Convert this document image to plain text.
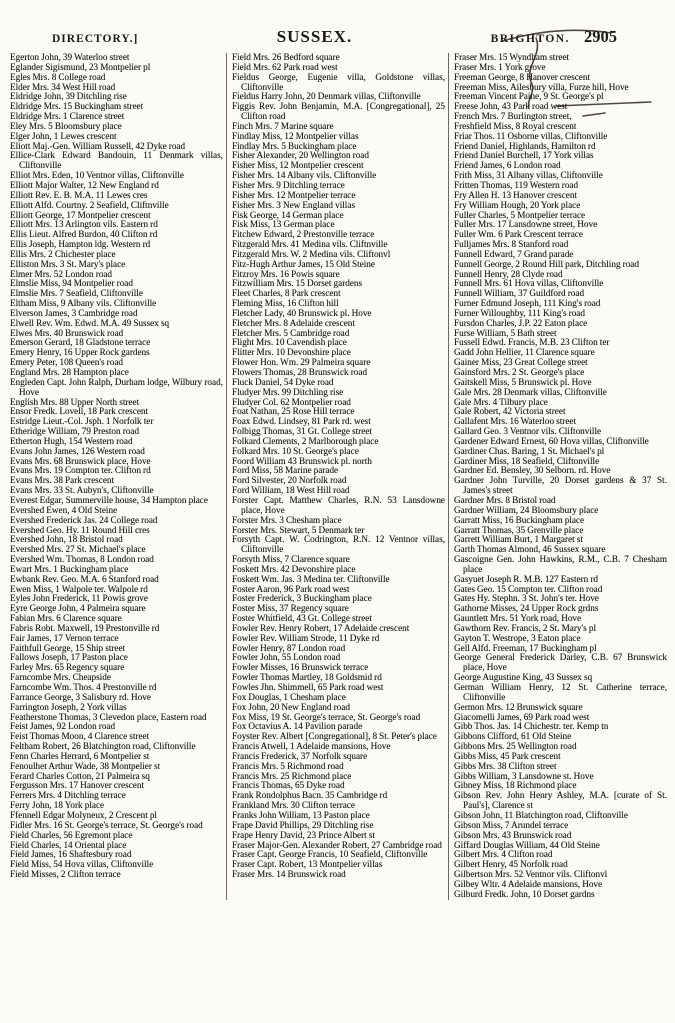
DIRECTORY.]	SUSSEX.	BRIGHTON. 2905

Egerton John, 39 Waterloo street

Eglander Sigismund, 23 Montpelier pl

Egles Mrs. 8 College road

Elder Mrs. 34 West Hill road

Eldridge John, 39 Ditchling rise

Eldridge Mrs. 15 Buckingham street

Eldridge Mrs. 1 Clarence street

Eley Mrs. 5 Bloomsbury place

Elger John, 1 Lewes crescent

Eliott Maj.-Gen. William Russell, 42 Dyke road

Ellice-Clark Edward Bandouin, 11 Denmark villas, Cliftonville

Elliot Mrs. Eden, 10 Ventnor villas, Cliftonville

Elliott Major Walter, 12 New England rd

Elliott Rev. E. B. M.A. 11 Lewes cres

Elliott Alfd. Courtny. 2 Seafield, Cliftnville

Elliott George, 17 Montpelier crescent

Elliott Mrs. 13 Arlington vils. Eastern rd

Ellis Lieut. Alfred Burdon, 40 Clifton rd

Ellis Joseph, Hampton ldg. Western rd

Ellis Mrs. 2 Chichester place

Elliston Mrs. 3 St. Mary's place

Elmer Mrs. 52 London road

Elmslie Miss, 94 Montpelier road

Elmslie Mrs. 7 Seafield, Cliftonville

Eltham Miss, 9 Albany vils. Cliftonville

Elverson James, 3 Cambridge road

Elwell Rev. Wm. Edwd. M.A. 49 Sussex sq

Elwes Mrs. 40 Brunswick road

Emerson Gerard, 18 Gladstone terrace

Emery Henry, 16 Upper Rock gardens

Emery Peter, 108 Queen's road

England Mrs. 28 Hampton place

Engleden Capt. John Ralph, Durham lodge, Wilbury road, Hove

English Mrs. 88 Upper North street

Ensor Fredk. Lovell, 18 Park crescent

Estridge Lieut.-Col. Jsph. 1 Norfolk ter

Etheridge William, 79 Preston road

Etherton Hugh, 154 Western road

Evans John James, 126 Western road

Evans Mrs. 68 Brunswick place, Hove

Evans Mrs. 19 Compton ter. Clifton rd

Evans Mrs. 38 Park crescent

Evans Mrs. 33 St. Aubyn's, Cliftonville

Everest Edgar, Summerville house, 34 Hampton place

Evershed Ewen, 4 Old Steine

Evershed Frederick Jas. 24 College road

Evershed Geo. Hy. 11 Round Hill cres

Evershed John, 18 Bristol road

Evershed Mrs. 27 St. Michael's place

Evershed Wm. Thomas, 8 London road

Ewart Mrs. 1 Buckingham place

Ewbank Rev. Geo. M.A. 6 Stanford road

Ewen Miss, 1 Walpole ter. Walpole rd

Eyles John Frederick, 11 Powis grove

Eyre George John, 4 Palmeira square

Fabian Mrs. 6 Clarence square

Fabris Robt. Maxwell, 19 Prestonville rd

Fair James, 17 Vernon terrace

Faithfull George, 15 Ship street

Fallows Joseph, 17 Paston place

Farley Mrs. 65 Regency square

Farncombe Mrs. Cheapside

Farncombe Wm. Thos. 4 Prestonville rd

Farrance George, 3 Salisbury rd. Hove

Farrington Joseph, 2 York villas

Featherstone Thomas, 3 Clevedon place, Eastern road

Feist James, 92 London road

Feist Thomas Moon, 4 Clarence street

Feltham Robert, 26 Blatchington road, Cliftonville

Fenn Charles Herrard, 6 Montpelier st

Fenoulhet Arthur Wade, 38 Montpelier st

Ferard Charles Cotton, 21 Palmeira sq

Fergusson Mrs. 17 Hanover crescent

Ferrers Mrs. 4 Ditchling terrace

Ferry John, 18 York place

Ffennell Edgar Molyneux, 2 Crescent pl

Fidler Mrs. 16 St. George's terrace, St. George's road

Field Charles, 56 Egremont place

Field Charles, 14 Oriental place

Field James, 16 Shaftesbury road

Field Miss, 54 Hova villas, Cliftonville

Field Misses, 2 Clifton terrace

Field Mrs. 26 Bedford square

Field Mrs. 62 Park road west

Fieldus George, Eugenie villa, Goldstone villas, Cliftonville

Fieldus Harry John, 20 Denmark villas, Cliftonville

Figgis Rev. John Benjamin, M.A. [Congregational], 25 Clifton road

Finch Mrs. 7 Marine square

Findlay Miss, 12 Montpelier villas

Findlay Mrs. 5 Buckingham place

Fisher Alexander, 20 Wellington road

Fisher Miss, 12 Montpelier crescent

Fisher Mrs. 14 Albany vils. Cliftonville

Fisher Mrs. 9 Ditchling terrace

Fisher Mrs. 12 Montpelier terrace

Fisher Mrs. 3 New England villas

Fisk George, 14 German place

Fisk Miss, 13 German place

Fitchew Edward, 2 Prestonville terrace

Fitzgerald Mrs. 41 Medina vils. Cliftnville

Fitzgerald Mrs. W. 2 Medina vils. Cliftonvl

Fitz-Hugh Arthur James, 15 Old Steine

Fitzroy Mrs. 16 Powis square

Fitzwilliam Mrs. 15 Dorset gardens

Fleet Charles, 8 Park crescent

Fleming Miss, 16 Clifton hill

Fletcher Lady, 40 Brunswick pl. Hove

Fletcher Mrs. 8 Adelaide crescent

Fletcher Mrs. 5 Cambridge road

Flight Mrs. 10 Cavendish place

Flitter Mrs. 10 Devonshire place

Flower Hon. Wm. 29 Palmeira square

Flowers Thomas, 28 Brunswick road

Fluck Daniel, 54 Dyke road

Fludyer Mrs. 99 Ditchling rise

Fludyer Col. 62 Montpelier road

Foat Nathan, 25 Rose Hill terrace

Foax Edwd. Lindsey, 81 Park rd. west

Folbigg Thomas, 31 Gt. College street

Folkard Clements, 2 Marlborough place

Folkard Mrs. 10 St. George's place

Foord William 43 Brunswick pl. north

Ford Miss, 58 Marine parade

Ford Silvester, 20 Norfolk road

Ford William, 18 West Hill road

Forster Capt. Matthew Charles, R.N. 53 Lansdowne place, Hove

Forster Mrs. 3 Chesham place

Forster Mrs. Stewart, 5 Denmark ter

Forsyth Capt. W. Codrington, R.N. 12 Ventnor villas, Cliftonville

Forsyth Miss, 7 Clarence square

Foskett Mrs. 42 Devonshire place

Foskett Wm. Jas. 3 Medina ter. Cliftonville

Foster Aaron, 96 Park road west

Foster Frederick, 3 Buckingham place

Foster Miss, 37 Regency square

Foster Whitfield, 43 Gt. College street

Fowler Rev. Henry Robert, 17 Adelaide crescent

Fowler Rev. William Strode, 11 Dyke rd

Fowler Henry, 87 London road

Fowler John, 55 London road

Fowler Misses, 16 Brunswick terrace

Fowler Thomas Martley, 18 Goldsmid rd

Fowles Jhn. Shimmell, 65 Park road west

Fox Douglas, 1 Chesham place

Fox John, 20 New England road

Fox Miss, 19 St. George's terrace, St. George's road

Fox Octavius A. 14 Pavilion parade

Foyster Rev. Albert [Congregational], 8 St. Peter's place

Francis Atwell, 1 Adelaide mansions, Hove

Francis Frederick, 37 Norfolk square

Francis Mrs. 5 Richmond road

Francis Mrs. 25 Richmond place

Francis Thomas, 65 Dyke road

Frank Rondolphus Bacn. 35 Cambridge rd

Frankland Mrs. 30 Clifton terrace

Franks John William, 13 Paston place

Frape David Phillips, 29 Ditchling rise

Frape Henry David, 23 Prince Albert st

Fraser Major-Gen. Alexander Robert, 27 Cambridge road

Fraser Capt. George Francis, 10 Seafield, Cliftonville

Fraser Capt. Robert, 13 Montpelier villas

Fraser Mrs. 14 Brunswick road

Fraser Mrs. 15 Wyndham street

Fraser Mrs. 1 York grove

Freeman George, 8 Hanover crescent

Freeman Miss, Ailesbury villa, Furze hill, Hove

Freeman Vincent Paine, 9 St. George's pl

Freese John, 43 Park road west

French Mrs. 7 Burlington street,

Freshfield Miss, 8 Royal crescent

Friar Thos. 11 Osborne villas, Cliftonville

Friend Daniel, Highlands, Hamilton rd

Friend Daniel Burchell, 17 York villas

Friend James, 6 London road

Frith Miss, 31 Albany villas, Cliftonville

Fritten Thomas, 119 Western road

Fry Allen H. 13 Hanover crescent

Fry William Hough, 20 York place

Fuller Charles, 5 Montpelier terrace

Fuller Mrs. 17 Lansdowne street, Hove

Fuller Wm. 6 Park Crescent terrace

Fulljames Mrs. 8 Stanford road

Funnell Edward, 7 Grand parade

Funnell George, 2 Round Hill park, Ditchling road

Funnell Henry, 28 Clyde road

Funnell Mrs. 61 Hova villas, Cliftonville

Funnell William, 37 Guildford road

Furner Edmund Joseph, 111 King's road

Furner Willoughby, 111 King's road

Fursdon Charles, J.P. 22 Eaton place

Furse William, 5 Bath street

Fussell Edwd. Francis, M.B. 23 Clifton ter

Gadd John Hellier, 11 Clarence square

Gainer Miss, 23 Great College street

Gainsford Mrs. 2 St. George's place

Gaitskell Miss, 5 Brunswick pl. Hove

Gale Mrs. 28 Denmark villas, Cliftonville

Gale Mrs. 4 Tilbury place

Gale Robert, 42 Victoria street

Gallafent Mrs. 16 Waterloo street

Gallard Geo. 3 Ventnor vils. Cliftonville

Gardener Edward Ernest, 60 Hova villas, Cliftonville

Gardiner Chas. Baring, 1 St. Michael's pl

Gardiner Miss, 18 Seafield, Cliftonville

Gardner Ed. Bensley, 30 Selborn. rd. Hove

Gardner John Turville, 20 Dorset gardens & 37 St. James's street

Gardner Mrs. 8 Bristol road

Gardner William, 24 Bloomsbury place

Garratt Miss, 16 Buckingham place

Garratt Thomas, 35 Grenville place

Garrett William Burt, 1 Margaret st

Garth Thomas Almond, 46 Sussex square

Gascoigne Gen. John Hawkins, R.M., C.B. 7 Chesham place

Gasyuet Joseph R. M.B. 127 Eastern rd

Gates Geo. 15 Compton ter. Clifton road

Gates Hy. Stephn. 3 St. John's ter. Hove

Gathorne Misses, 24 Upper Rock grdns

Gauntlett Mrs. 51 York road, Hove

Gawthorn Rev. Francis, 2 St. Mary's pl

Gayton T. Westrope, 3 Eaton place

Gell Alfd. Freeman, 17 Buckingham pl

George General Frederick Darley, C.B. 67 Brunswick place, Hove

George Augustine King, 43 Sussex sq

German William Henry, 12 St. Catherine terrace, Cliftonville

Germon Mrs. 12 Brunswick square

Giacomelli James, 69 Park road west

Gibb Thos. Jas. 14 Chichestr. ter. Kemp tn

Gibbons Clifford, 61 Old Steine

Gibbons Mrs. 25 Wellington road

Gibbs Miss, 45 Park crescent

Gibbs Mrs. 38 Clifton street

Gibbs William, 3 Lansdowne st. Hove

Gibney Miss, 18 Richmond place

Gibson Rev. John Henry Ashley, M.A. [curate of St. Paul's], Clarence st

Gibson John, 11 Blatchington road, Cliftonville

Gibson Miss, 7 Arundel terrace

Gibson Mrs. 43 Brunswick road

Giffard Douglas William, 44 Old Steine

Gilbert Mrs. 4 Clifton road

Gilbert Henry, 45 Norfolk road

Gilbertson Mrs. 52 Ventnor vils. Cliftonvl

Gilbey Wltr. 4 Adelaide mansions, Hove

Gilburd Fredk. John, 10 Dorset gardns
